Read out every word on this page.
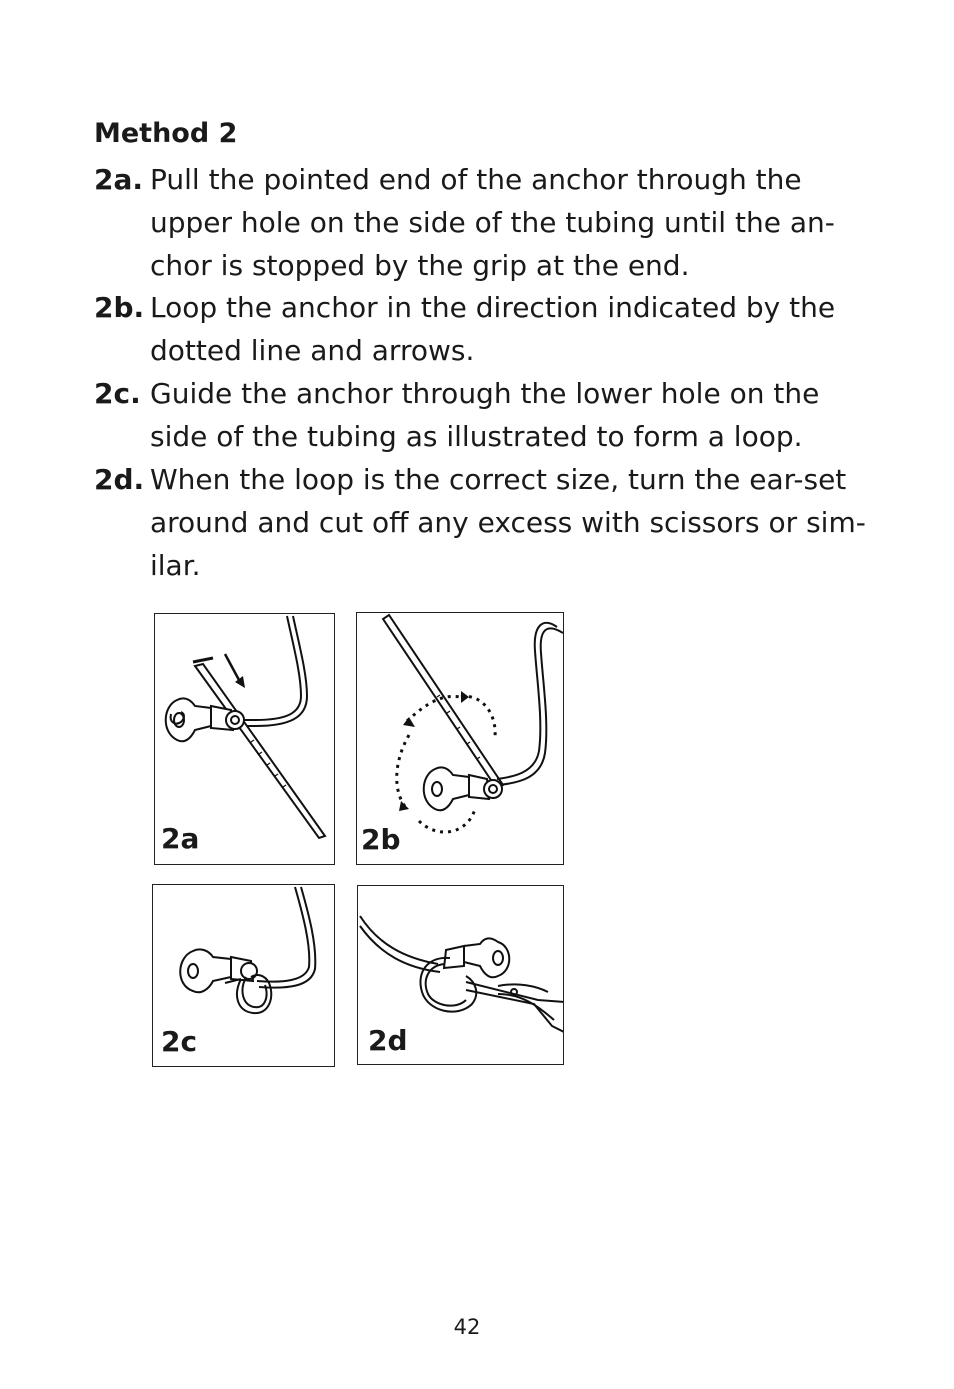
Method 2
2a. Pull the pointed end of the anchor through the
upper hole on the side of the tubing until the an-
chor is stopped by the grip at the end.
2b. Loop the anchor in the direction indicated by the
dotted line and arrows.
2c. Guide the anchor through the lower hole on the
side of the tubing as illustrated to form a loop.
2d. When the loop is the correct size, turn the ear-set
around and cut off any excess with scissors or sim-
ilar.
2a	2b
2c	2d
42
